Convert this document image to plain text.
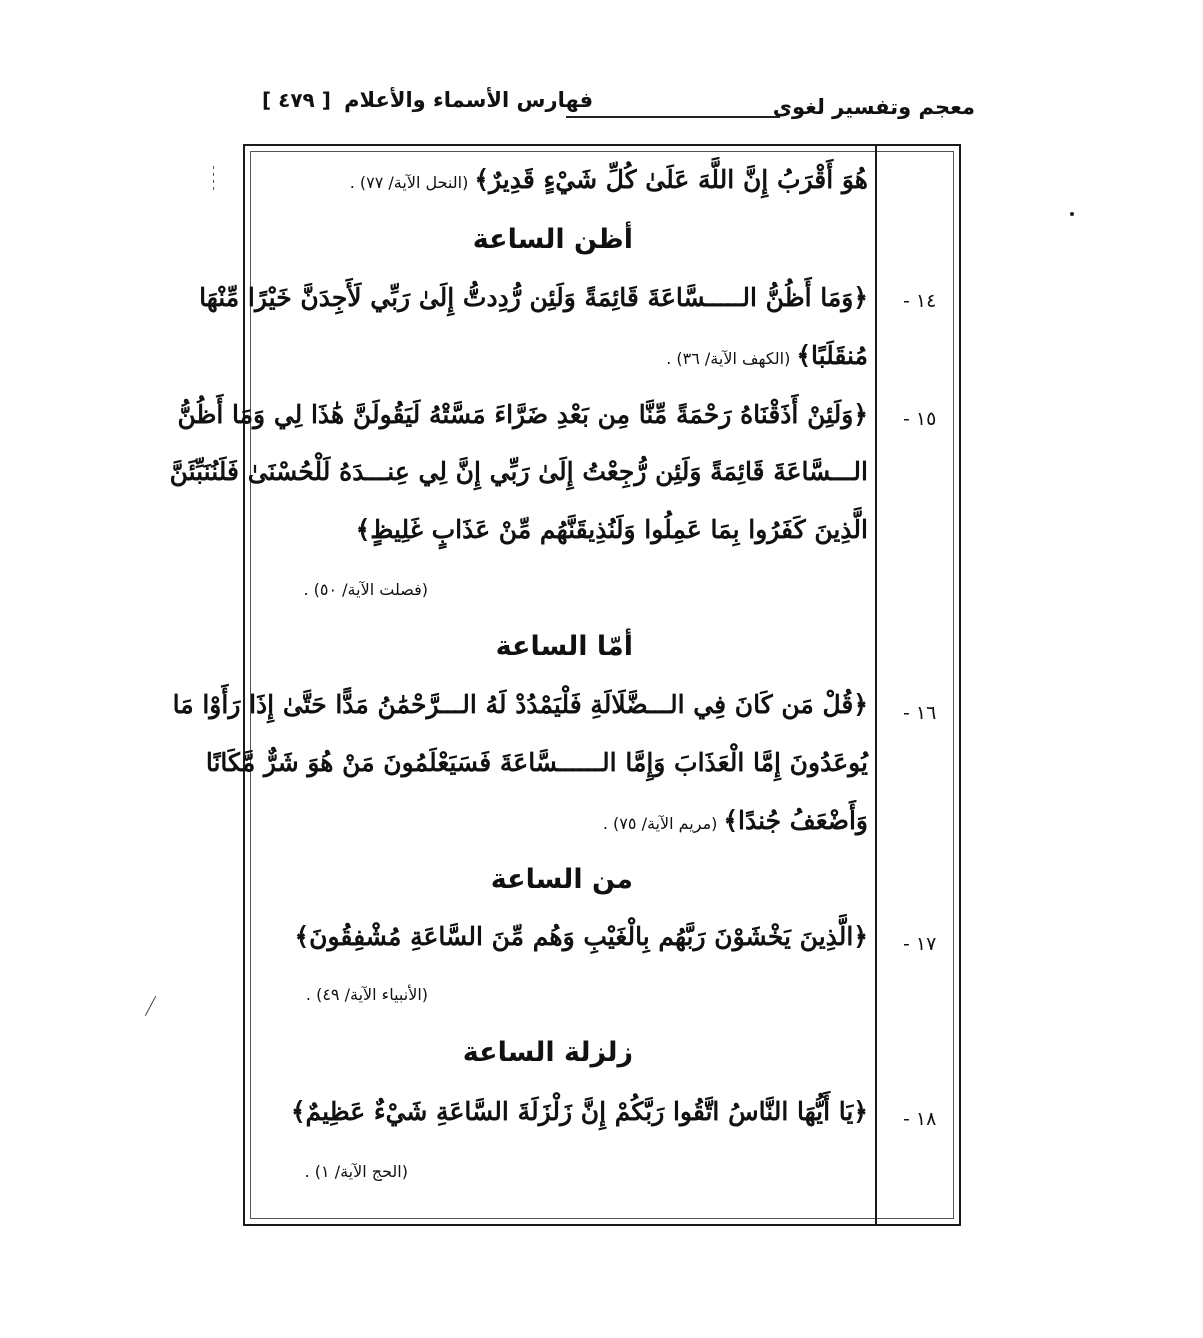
معجم وتفسير لغوى
فهارس الأسماء والأعلام [ ٤٧٩ ]
هُوَ أَقْرَبُ إِنَّ اللَّهَ عَلَىٰ كُلِّ شَيْءٍ قَدِيرٌ﴾(النحل الآية/ ٧٧) .
أظن الساعة
١٤ -
﴿وَمَا أَظُنُّ الـــــسَّاعَةَ قَائِمَةً وَلَئِن رُّدِدتُّ إِلَىٰ رَبِّي لَأَجِدَنَّ خَيْرًا مِّنْهَا
مُنقَلَبًا﴾(الكهف الآية/ ٣٦) .
١٥ -
﴿وَلَئِنْ أَذَقْنَاهُ رَحْمَةً مِّنَّا مِن بَعْدِ ضَرَّاءَ مَسَّتْهُ لَيَقُولَنَّ هَٰذَا لِي وَمَا أَظُنُّ
الـــسَّاعَةَ قَائِمَةً وَلَئِن رُّجِعْتُ إِلَىٰ رَبِّي إِنَّ لِي عِنـــدَهُ لَلْحُسْنَىٰ فَلَنُنَبِّئَنَّ
الَّذِينَ كَفَرُوا بِمَا عَمِلُوا وَلَنُذِيقَنَّهُم مِّنْ عَذَابٍ غَلِيظٍ﴾
(فصلت الآية/ ٥٠) .
أمّا الساعة
١٦ -
﴿قُلْ مَن كَانَ فِي الـــضَّلَالَةِ فَلْيَمْدُدْ لَهُ الـــرَّحْمَٰنُ مَدًّا حَتَّىٰ إِذَا رَأَوْا مَا
يُوعَدُونَ إِمَّا الْعَذَابَ وَإِمَّا الــــــسَّاعَةَ فَسَيَعْلَمُونَ مَنْ هُوَ شَرٌّ مَّكَانًا
وَأَضْعَفُ جُندًا﴾(مريم الآية/ ٧٥) .
من الساعة
١٧ -
﴿الَّذِينَ يَخْشَوْنَ رَبَّهُم بِالْغَيْبِ وَهُم مِّنَ السَّاعَةِ مُشْفِقُونَ﴾
(الأنبياء الآية/ ٤٩) .
زلزلة الساعة
١٨ -
﴿يَا أَيُّهَا النَّاسُ اتَّقُوا رَبَّكُمْ إِنَّ زَلْزَلَةَ السَّاعَةِ شَيْءٌ عَظِيمٌ﴾
(الحج الآية/ ١) .
